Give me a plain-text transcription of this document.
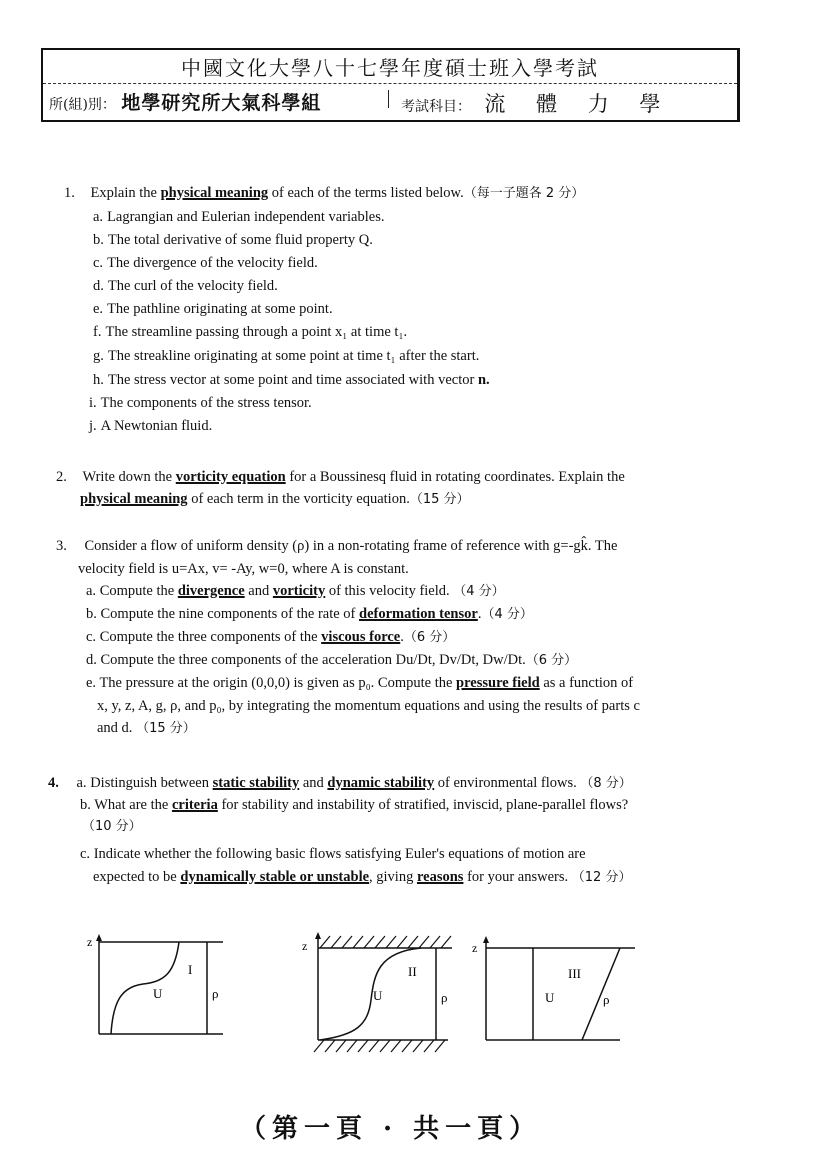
中國文化大學八十七學年度碩士班入學考試
所(組)別： 地學研究所大氣科學組	考試科目： 流 體 力 學
1. Explain the physical meaning of each of the terms listed below.（每一子題各 2 分）
a. Lagrangian and Eulerian independent variables.
b. The total derivative of some fluid property Q.
c. The divergence of the velocity field.
d. The curl of the velocity field.
e. The pathline originating at some point.
f. The streamline passing through a point x₁ at time t₁.
g. The streakline originating at some point at time t₁ after the start.
h. The stress vector at some point and time associated with vector n.
i. The components of the stress tensor.
j. A Newtonian fluid.
2. Write down the vorticity equation for a Boussinesq fluid in rotating coordinates. Explain the
physical meaning of each term in the vorticity equation.（15 分）
3. Consider a flow of uniform density (ρ) in a non-rotating frame of reference with g=-gk̂. The
velocity field is u=Ax, v= -Ay, w=0, where A is constant.
a. Compute the divergence and vorticity of this velocity field. （4 分）
b. Compute the nine components of the rate of deformation tensor.（4 分）
c. Compute the three components of the viscous force.（6 分）
d. Compute the three components of the acceleration Du/Dt, Dv/Dt, Dw/Dt.（6 分）
e. The pressure at the origin (0,0,0) is given as p₀. Compute the pressure field as a function of
x, y, z, A, g, ρ, and p₀, by integrating the momentum equations and using the results of parts c
and d. （15 分）
4. a. Distinguish between static stability and dynamic stability of environmental flows. （8 分）
b. What are the criteria for stability and instability of stratified, inviscid, plane-parallel flows?
（10 分）
c. Indicate whether the following basic flows satisfying Euler's equations of motion are
expected to be dynamically stable or unstable, giving reasons for your answers. （12 分）
z
I
U	ρ
z
II
U	ρ
z
III
U	ρ
（第一頁 · 共一頁）
